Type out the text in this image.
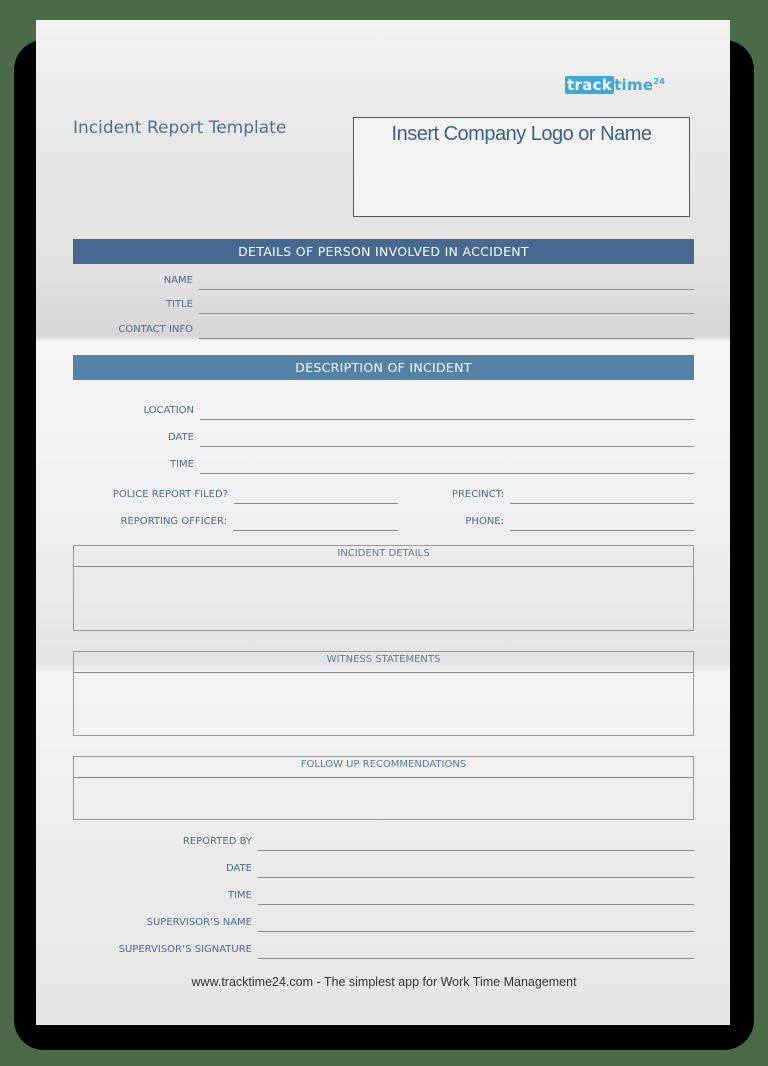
track time$^{24}$
Incident Report Template	Insert Company Logo or Name
DETAILS OF PERSON INVOLVED IN ACCIDENT
NAME
TITLE
CONTACT INFO
DESCRIPTION OF INCIDENT
LOCATION
DATE
TIME
POLICE REPORT FILED?	PRECINCT:
REPORTING OFFICER:	PHONE:
INCIDENT DETAILS
WITNESS STATEMENTS
FOLLOW UP RECOMMENDATIONS
REPORTED BY
DATE
TIME
SUPERVISOR’S NAME
SUPERVISOR’S SIGNATURE
www.tracktime24.com - The simplest app for Work Time Management
